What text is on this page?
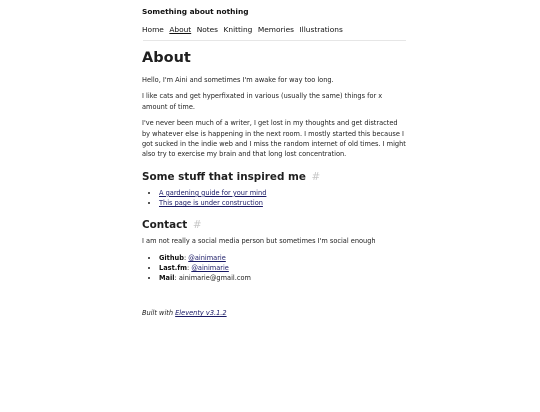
Something about nothing
Home About Notes Knitting Memories Illustrations
About

Hello, I'm Aini and sometimes I'm awake for way too long.

I like cats and get hyperfixated in various (usually the same) things for x amount of time.

I've never been much of a writer, I get lost in my thoughts and get distracted by whatever else is happening in the next room. I mostly started this because I got sucked in the indie web and I miss the random internet of old times. I might also try to exercise my brain and that long lost concentration.

Some stuff that inspired me #
• A gardening guide for your mind
• This page is under construction
Contact #

I am not really a social media person but sometimes I'm social enough

• Github: @ainimarie
• Last.fm: @ainimarie
• Mail: ainimarie@gmail.com
Built with Eleventy v3.1.2
